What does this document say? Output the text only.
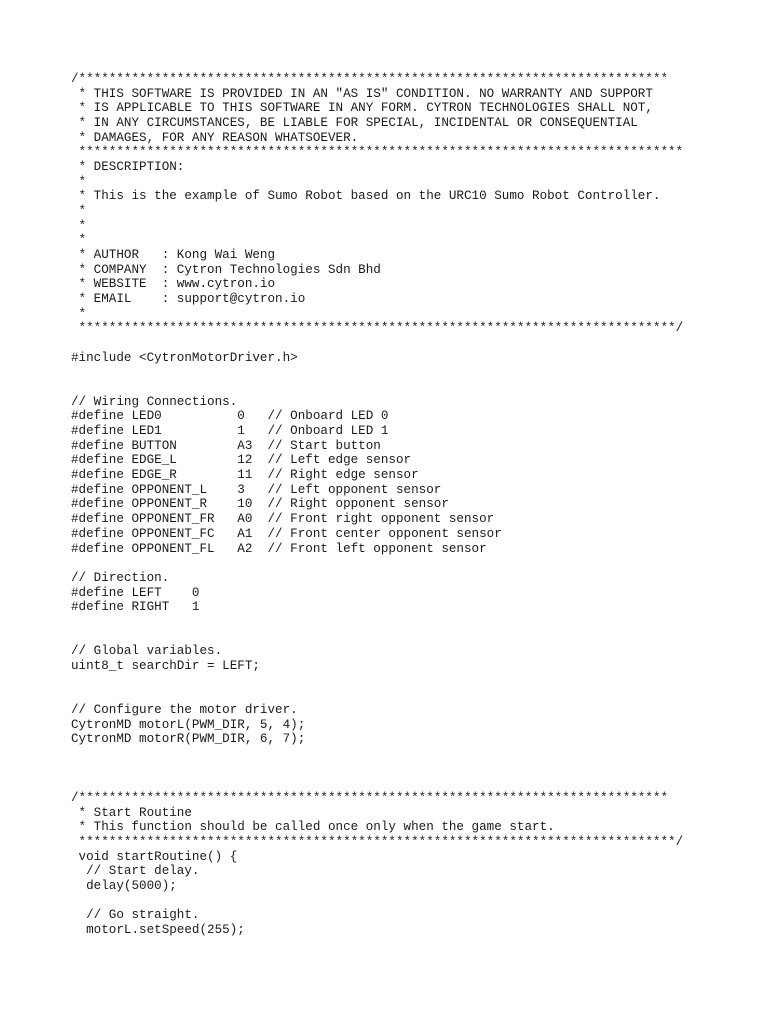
/******************************************************************************
* THIS SOFTWARE IS PROVIDED IN AN "AS IS" CONDITION. NO WARRANTY AND SUPPORT
* IS APPLICABLE TO THIS SOFTWARE IN ANY FORM. CYTRON TECHNOLOGIES SHALL NOT,
* IN ANY CIRCUMSTANCES, BE LIABLE FOR SPECIAL, INCIDENTAL OR CONSEQUENTIAL
* DAMAGES, FOR ANY REASON WHATSOEVER.
********************************************************************************
* DESCRIPTION:
*
* This is the example of Sumo Robot based on the URC10 Sumo Robot Controller.
*
*
*
* AUTHOR   : Kong Wai Weng
* COMPANY  : Cytron Technologies Sdn Bhd
* WEBSITE  : www.cytron.io
* EMAIL    : support@cytron.io
*
*******************************************************************************/
#include <CytronMotorDriver.h>
// Wiring Connections.
#define LED0          0   // Onboard LED 0
#define LED1          1   // Onboard LED 1
#define BUTTON        A3  // Start button
#define EDGE_L        12  // Left edge sensor
#define EDGE_R        11  // Right edge sensor
#define OPPONENT_L    3   // Left opponent sensor
#define OPPONENT_R    10  // Right opponent sensor
#define OPPONENT_FR   A0  // Front right opponent sensor
#define OPPONENT_FC   A1  // Front center opponent sensor
#define OPPONENT_FL   A2  // Front left opponent sensor
// Direction.
#define LEFT    0
#define RIGHT   1
// Global variables.
uint8_t searchDir = LEFT;
// Configure the motor driver.
CytronMD motorL(PWM_DIR, 5, 4);
CytronMD motorR(PWM_DIR, 6, 7);
/******************************************************************************
* Start Routine
* This function should be called once only when the game start.
*******************************************************************************/
void startRoutine() {
// Start delay.
delay(5000);
// Go straight.
motorL.setSpeed(255);
